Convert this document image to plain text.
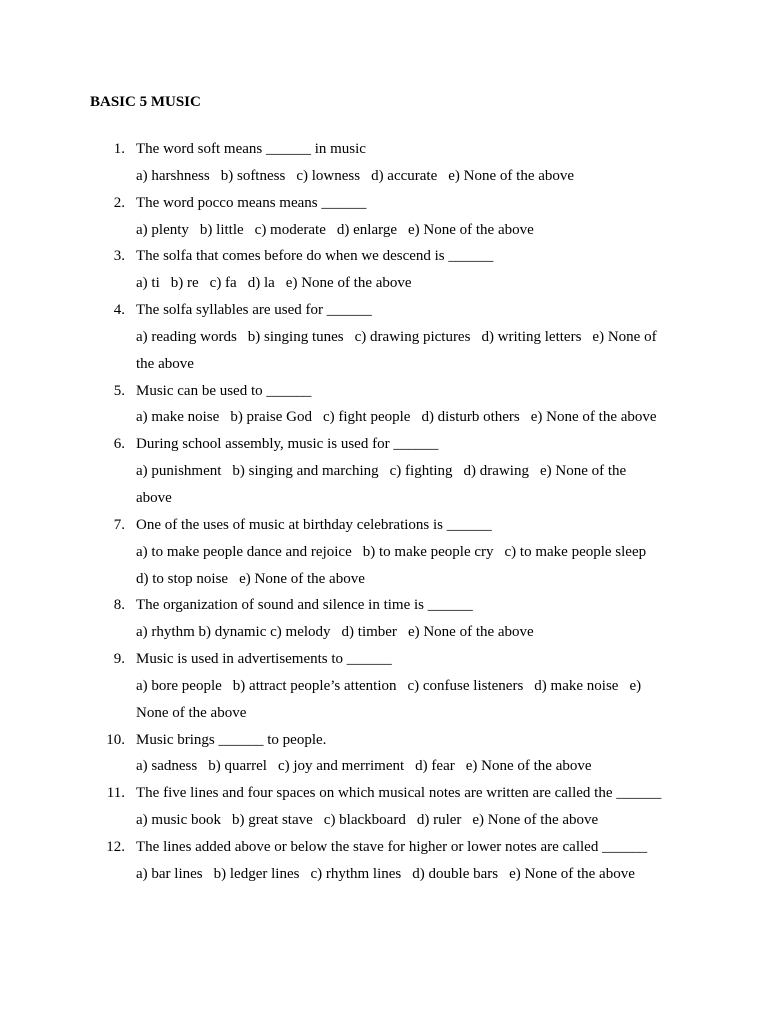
BASIC 5 MUSIC
1. The word soft means ______ in music
a) harshness b) softness c) lowness d) accurate e) None of the above
2. The word pocco means means ______
a) plenty b) little c) moderate d) enlarge e) None of the above
3. The solfa that comes before do when we descend is ______
a) ti b) re c) fa d) la e) None of the above
4. The solfa syllables are used for ______
a) reading words b) singing tunes c) drawing pictures d) writing letters e) None of
the above
5. Music can be used to ______
a) make noise b) praise God c) fight people d) disturb others e) None of the above
6. During school assembly, music is used for ______
a) punishment b) singing and marching c) fighting d) drawing e) None of the
above
7. One of the uses of music at birthday celebrations is ______
a) to make people dance and rejoice b) to make people cry c) to make people sleep
d) to stop noise e) None of the above
8. The organization of sound and silence in time is ______
a) rhythm b) dynamic c) melody d) timber e) None of the above
9. Music is used in advertisements to ______
a) bore people b) attract people’s attention c) confuse listeners d) make noise e)
None of the above
10. Music brings ______ to people.
a) sadness b) quarrel c) joy and merriment d) fear e) None of the above
11. The five lines and four spaces on which musical notes are written are called the ______
a) music book b) great stave c) blackboard d) ruler e) None of the above
12. The lines added above or below the stave for higher or lower notes are called ______
a) bar lines b) ledger lines c) rhythm lines d) double bars e) None of the above
